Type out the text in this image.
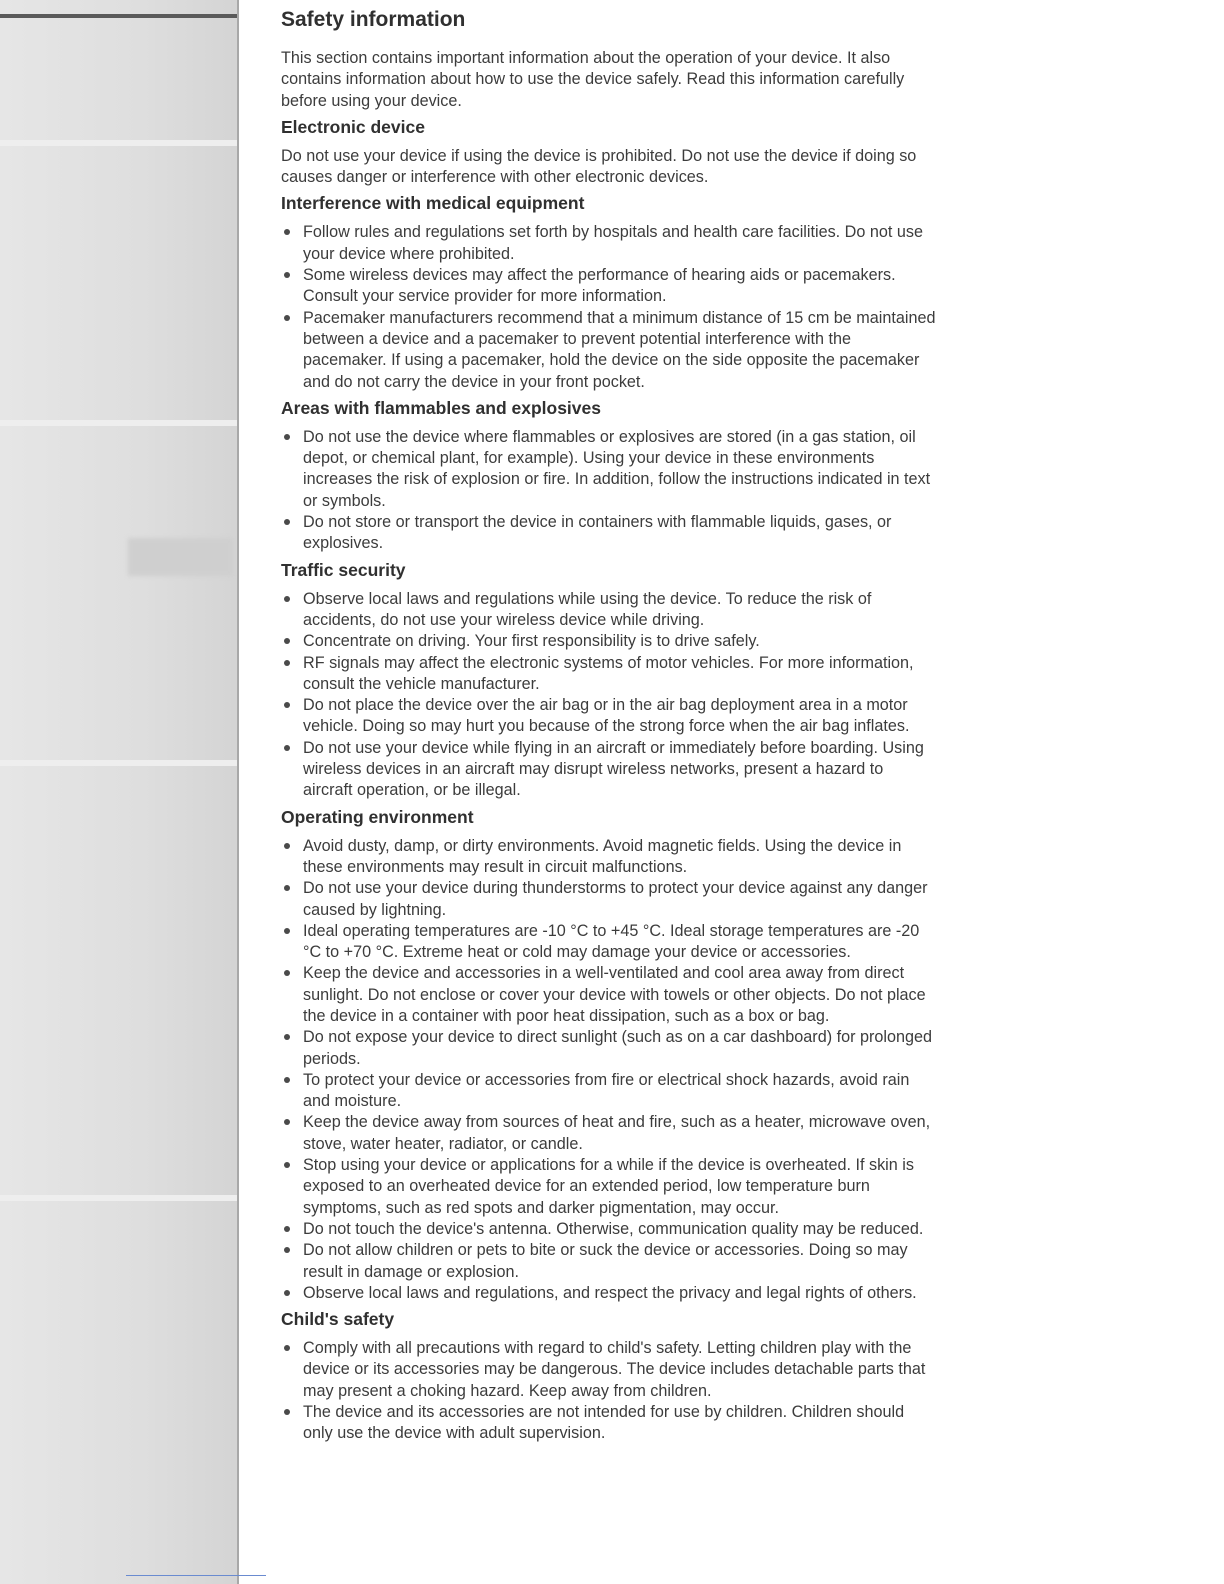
Safety information

This section contains important information about the operation of your device. It also contains information about how to use the device safely. Read this information carefully before using your device.

Electronic device

Do not use your device if using the device is prohibited. Do not use the device if doing so causes danger or interference with other electronic devices.

Interference with medical equipment
Follow rules and regulations set forth by hospitals and health care facilities. Do not use your device where prohibited.
Some wireless devices may affect the performance of hearing aids or pacemakers. Consult your service provider for more information.
Pacemaker manufacturers recommend that a minimum distance of 15 cm be maintained between a device and a pacemaker to prevent potential interference with the pacemaker. If using a pacemaker, hold the device on the side opposite the pacemaker and do not carry the device in your front pocket.
Areas with flammables and explosives
Do not use the device where flammables or explosives are stored (in a gas station, oil depot, or chemical plant, for example). Using your device in these environments increases the risk of explosion or fire. In addition, follow the instructions indicated in text or symbols.
Do not store or transport the device in containers with flammable liquids, gases, or explosives.
Traffic security
Observe local laws and regulations while using the device. To reduce the risk of accidents, do not use your wireless device while driving.
Concentrate on driving. Your first responsibility is to drive safely.
RF signals may affect the electronic systems of motor vehicles. For more information, consult the vehicle manufacturer.
Do not place the device over the air bag or in the air bag deployment area in a motor vehicle. Doing so may hurt you because of the strong force when the air bag inflates.
Do not use your device while flying in an aircraft or immediately before boarding. Using wireless devices in an aircraft may disrupt wireless networks, present a hazard to aircraft operation, or be illegal.
Operating environment
Avoid dusty, damp, or dirty environments. Avoid magnetic fields. Using the device in these environments may result in circuit malfunctions.
Do not use your device during thunderstorms to protect your device against any danger caused by lightning.
Ideal operating temperatures are -10 °C to +45 °C. Ideal storage temperatures are -20 °C to +70 °C. Extreme heat or cold may damage your device or accessories.
Keep the device and accessories in a well-ventilated and cool area away from direct sunlight. Do not enclose or cover your device with towels or other objects. Do not place the device in a container with poor heat dissipation, such as a box or bag.
Do not expose your device to direct sunlight (such as on a car dashboard) for prolonged periods.
To protect your device or accessories from fire or electrical shock hazards, avoid rain and moisture.
Keep the device away from sources of heat and fire, such as a heater, microwave oven, stove, water heater, radiator, or candle.
Stop using your device or applications for a while if the device is overheated. If skin is exposed to an overheated device for an extended period, low temperature burn symptoms, such as red spots and darker pigmentation, may occur.
Do not touch the device's antenna. Otherwise, communication quality may be reduced.
Do not allow children or pets to bite or suck the device or accessories. Doing so may result in damage or explosion.
Observe local laws and regulations, and respect the privacy and legal rights of others.
Child's safety
Comply with all precautions with regard to child's safety. Letting children play with the device or its accessories may be dangerous. The device includes detachable parts that may present a choking hazard. Keep away from children.
The device and its accessories are not intended for use by children. Children should only use the device with adult supervision.
